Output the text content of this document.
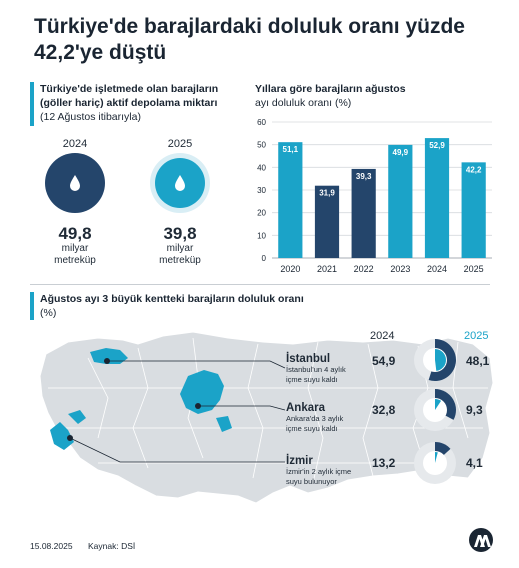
Türkiye'de barajlardaki doluluk oranı yüzde 42,2'ye düştü
Türkiye'de işletmede olan barajların
(göller hariç) aktif depolama miktarı
(12 Ağustos itibarıyla)
2024
49,8
milyar
metreküp
2025
39,8
milyar
metreküp
Yıllara göre barajların ağustos
ayı doluluk oranı (%)
0
10
20
30
40
50
60
51,1
2020
31,9
2021
39,3
2022
49,9
2023
52,9
2024
42,2
2025
Ağustos ayı 3 büyük kentteki barajların doluluk oranı
(%)
2024	2025
İstanbul
İstanbul'un 4 aylık
içme suyu kaldı
54,9	48,1
Ankara
Ankara'da 3 aylık
içme suyu kaldı
32,8	9,3
İzmir
İzmir'in 2 aylık içme
suyu bulunuyor
13,2	4,1
15.08.2025 Kaynak: DSİ
